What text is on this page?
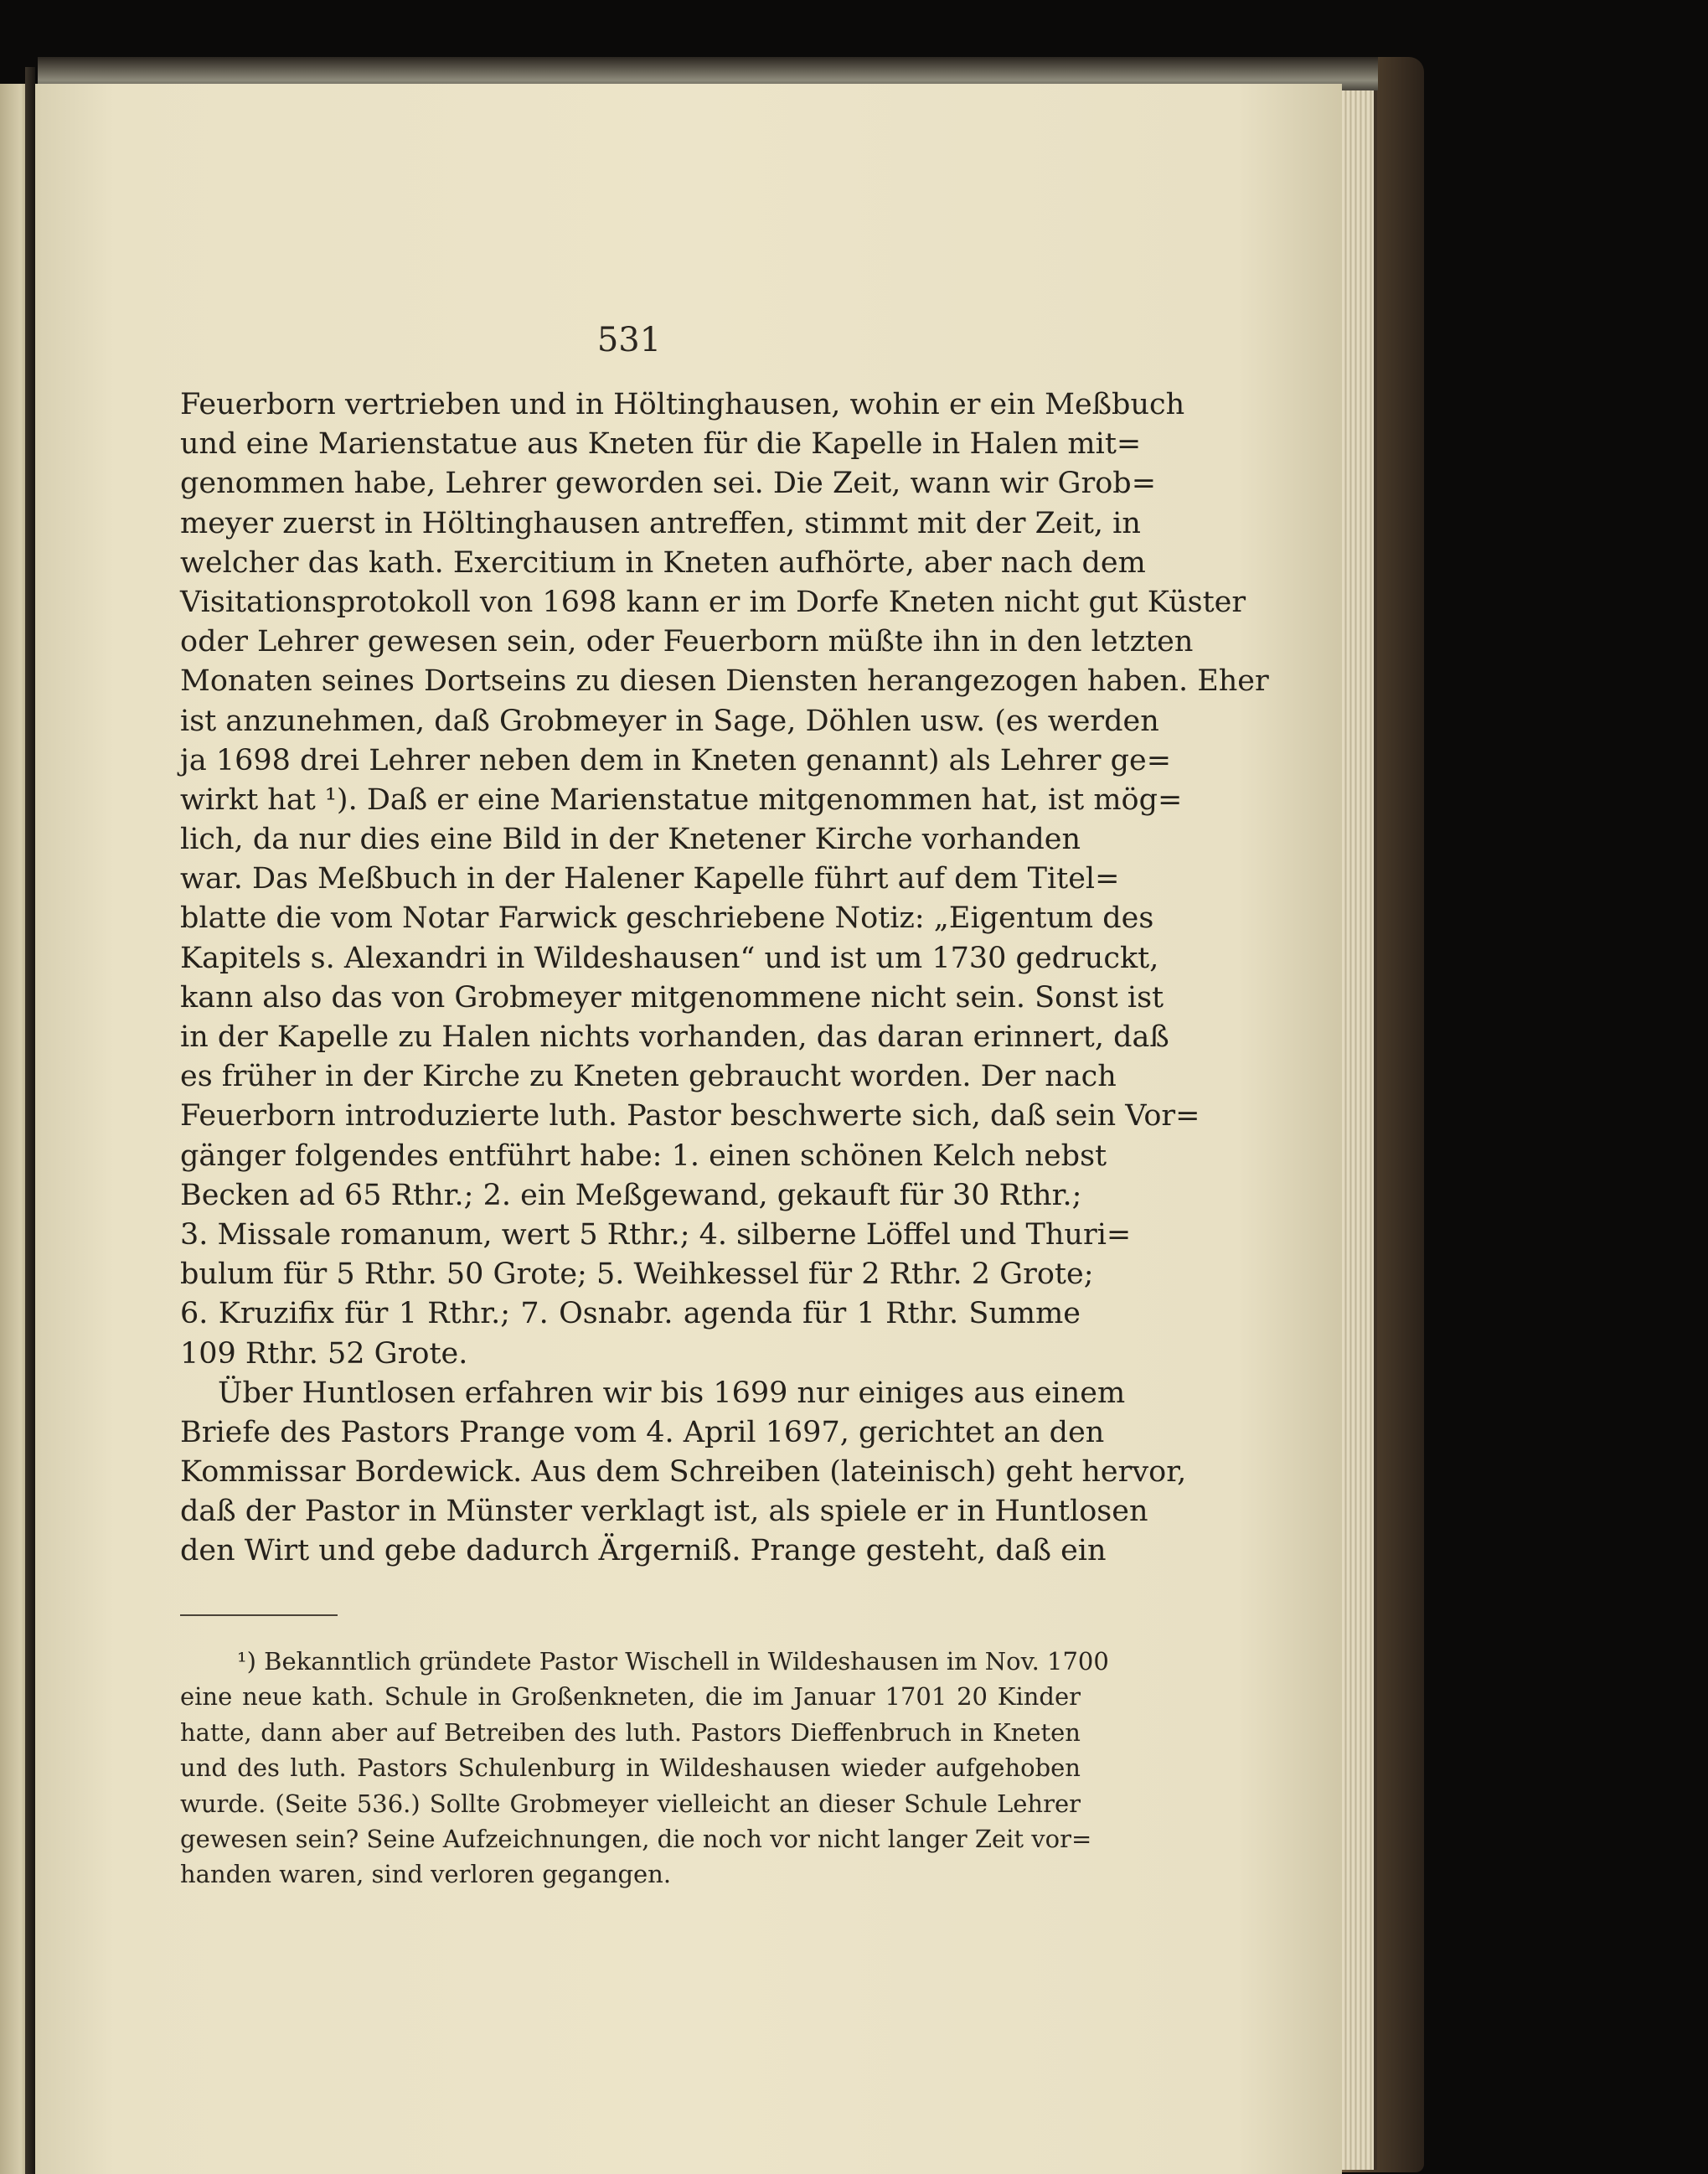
531
Feuerborn vertrieben und in Höltinghausen, wohin er ein Meßbuch
und eine Marienstatue aus Kneten für die Kapelle in Halen mit=
genommen habe, Lehrer geworden sei. Die Zeit, wann wir Grob=
meyer zuerst in Höltinghausen antreffen, stimmt mit der Zeit, in
welcher das kath. Exercitium in Kneten aufhörte, aber nach dem
Visitationsprotokoll von 1698 kann er im Dorfe Kneten nicht gut Küster
oder Lehrer gewesen sein, oder Feuerborn müßte ihn in den letzten
Monaten seines Dortseins zu diesen Diensten herangezogen haben. Eher
ist anzunehmen, daß Grobmeyer in Sage, Döhlen usw. (es werden
ja 1698 drei Lehrer neben dem in Kneten genannt) als Lehrer ge=
wirkt hat ¹). Daß er eine Marienstatue mitgenommen hat, ist mög=
lich, da nur dies eine Bild in der Knetener Kirche vorhanden
war. Das Meßbuch in der Halener Kapelle führt auf dem Titel=
blatte die vom Notar Farwick geschriebene Notiz: „Eigentum des
Kapitels s. Alexandri in Wildeshausen“ und ist um 1730 gedruckt,
kann also das von Grobmeyer mitgenommene nicht sein. Sonst ist
in der Kapelle zu Halen nichts vorhanden, das daran erinnert, daß
es früher in der Kirche zu Kneten gebraucht worden. Der nach
Feuerborn introduzierte luth. Pastor beschwerte sich, daß sein Vor=
gänger folgendes entführt habe: 1. einen schönen Kelch nebst
Becken ad 65 Rthr.; 2. ein Meßgewand, gekauft für 30 Rthr.;
3. Missale romanum, wert 5 Rthr.; 4. silberne Löffel und Thuri=
bulum für 5 Rthr. 50 Grote; 5. Weihkessel für 2 Rthr. 2 Grote;
6. Kruzifix für 1 Rthr.; 7. Osnabr. agenda für 1 Rthr. Summe
109 Rthr. 52 Grote.
Über Huntlosen erfahren wir bis 1699 nur einiges aus einem
Briefe des Pastors Prange vom 4. April 1697, gerichtet an den
Kommissar Bordewick. Aus dem Schreiben (lateinisch) geht hervor,
daß der Pastor in Münster verklagt ist, als spiele er in Huntlosen
den Wirt und gebe dadurch Ärgerniß. Prange gesteht, daß ein
¹) Bekanntlich gründete Pastor Wischell in Wildeshausen im Nov. 1700
eine neue kath. Schule in Großenkneten, die im Januar 1701 20 Kinder
hatte, dann aber auf Betreiben des luth. Pastors Dieffenbruch in Kneten
und des luth. Pastors Schulenburg in Wildeshausen wieder aufgehoben
wurde. (Seite 536.) Sollte Grobmeyer vielleicht an dieser Schule Lehrer
gewesen sein? Seine Aufzeichnungen, die noch vor nicht langer Zeit vor=
handen waren, sind verloren gegangen.
